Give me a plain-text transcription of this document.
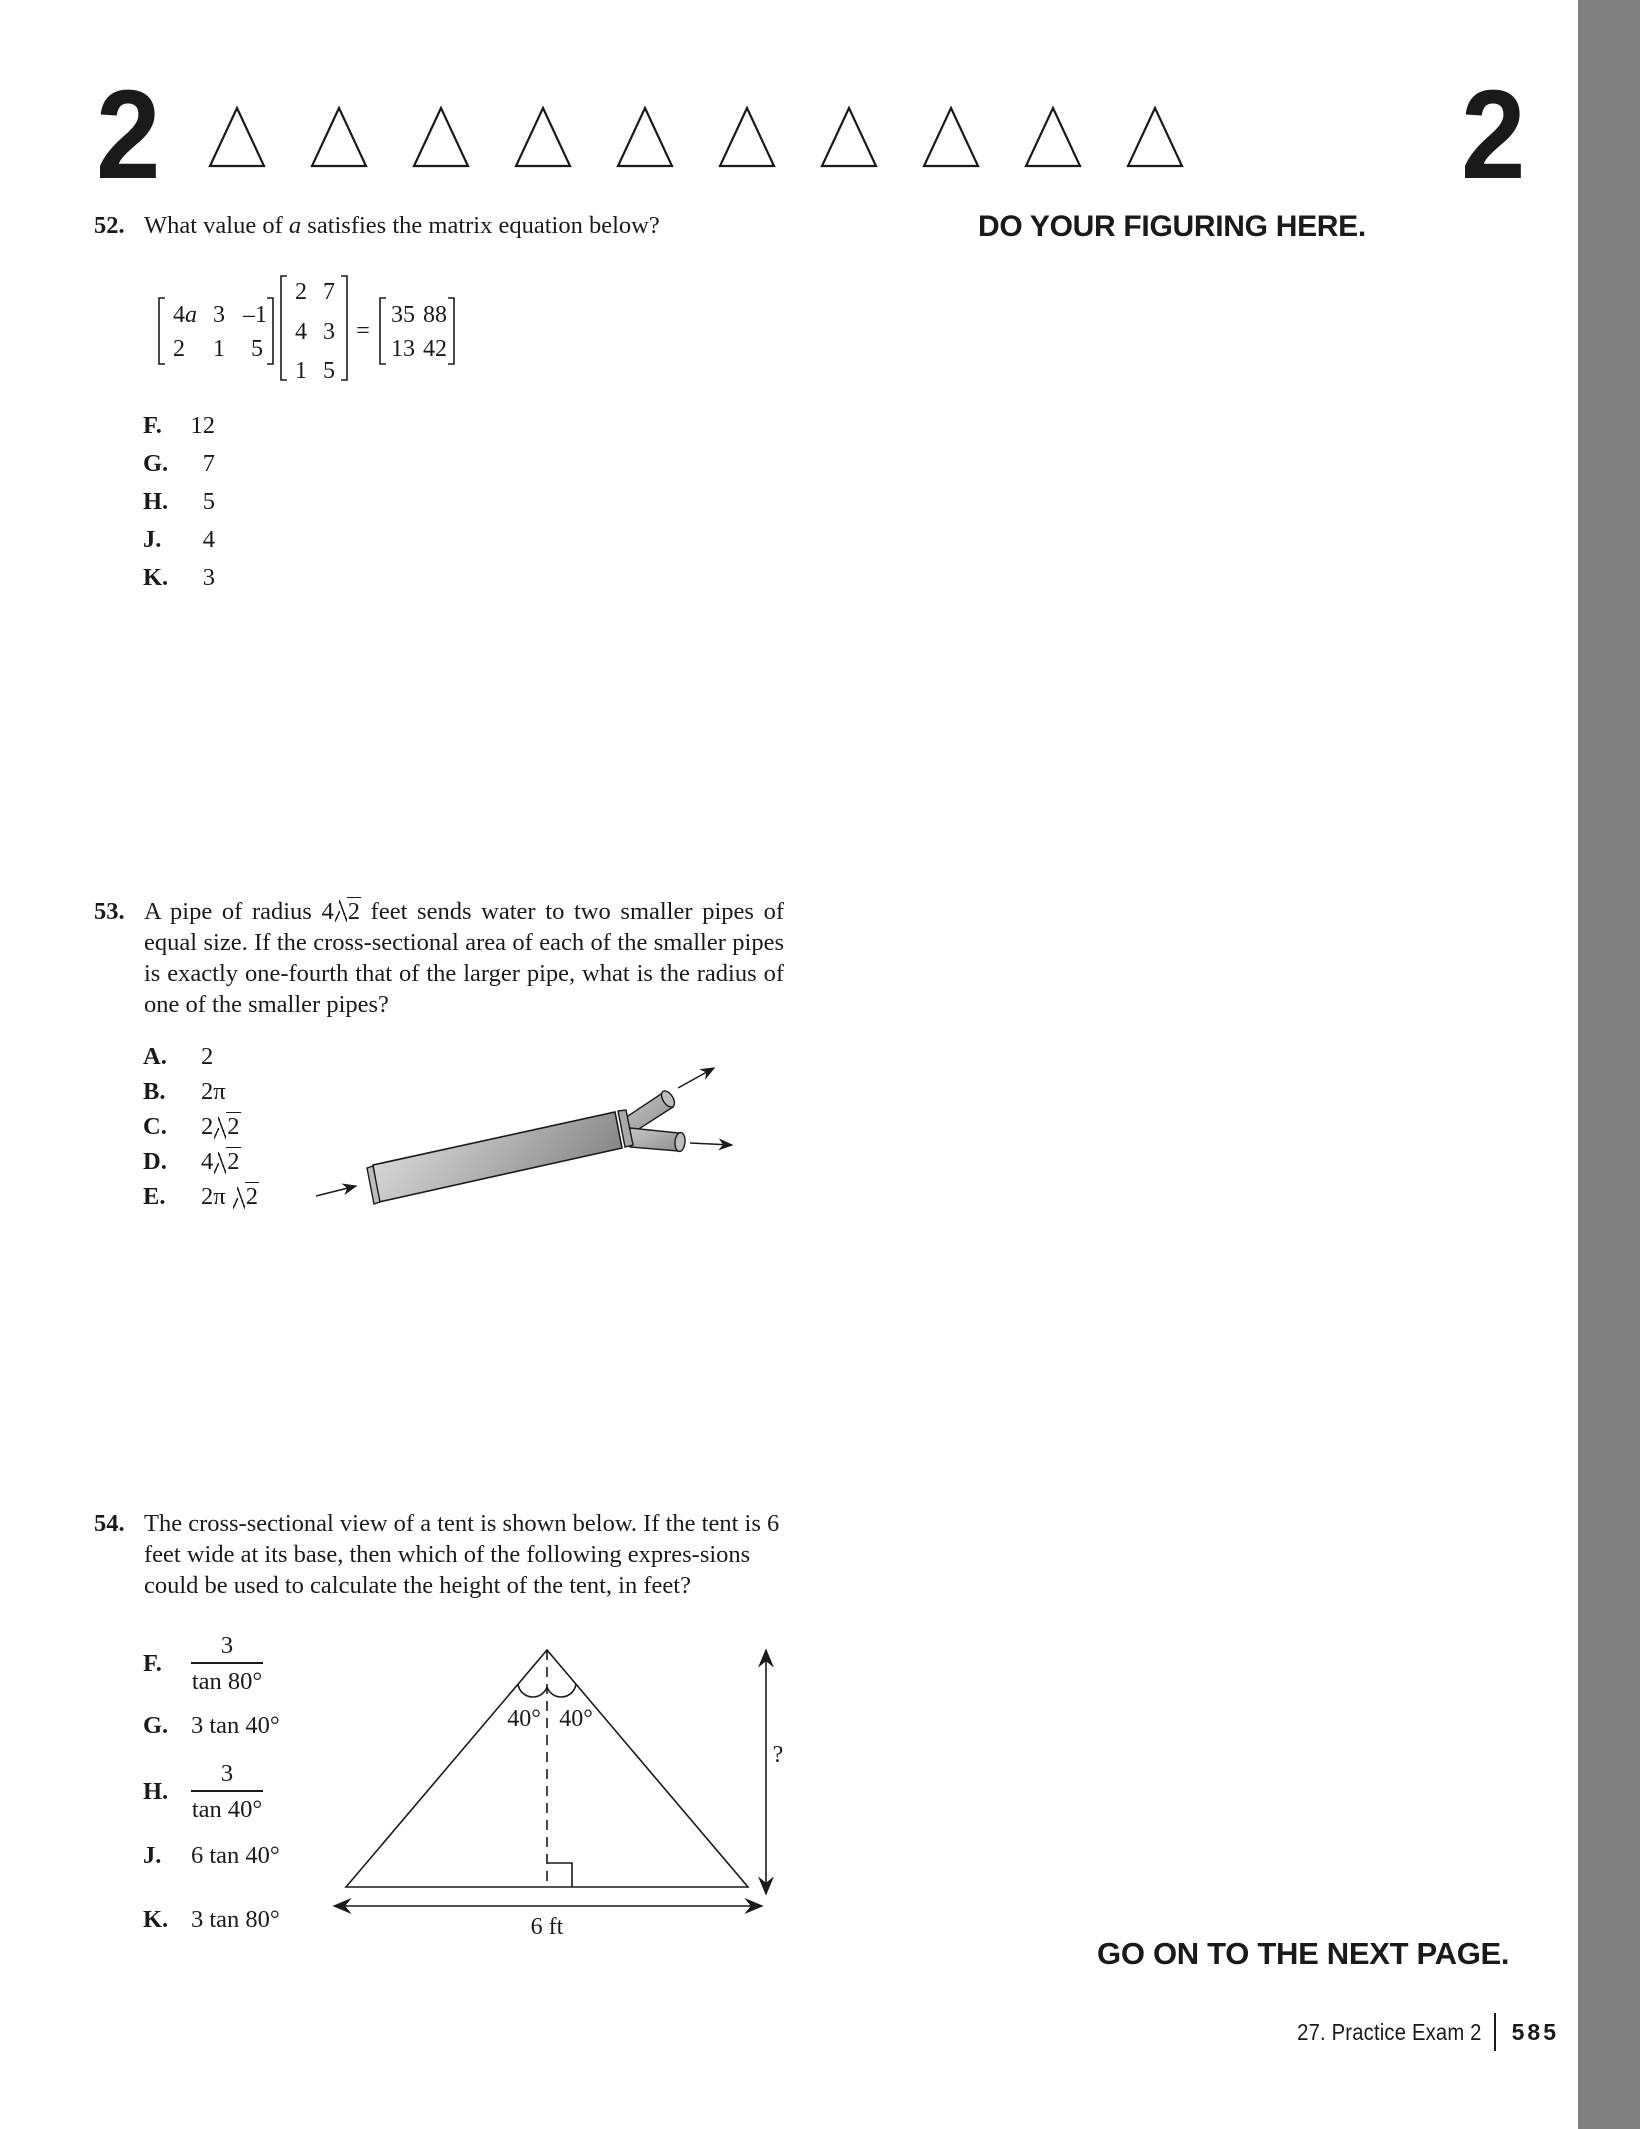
2	2
DO YOUR FIGURING HERE.
52. What value of a satisfies the matrix equation below?
4a 3 –1
2 1 5
2 7
4 3
1 5
=
35 88
13 42
F.	12
G.	7
H.	5
J.	4
K.	3
53. A pipe of radius 4 2 feet sends water to two smaller pipes of equal size. If the cross-sectional area of each of the smaller pipes is exactly one-fourth that of the larger pipe, what is the radius of one of the smaller pipes?
A. 2
B. 2π
C. 2 2
D. 4 2
E. 2π 2
54. The cross-sectional view of a tent is shown below. If the tent is 6 feet wide at its base, then which of the following expres-sions could be used to calculate the height of the tent, in feet?
F. $\frac{3}{\tan 80^\circ}$
G. 3 tan 40°
H. $\frac{3}{\tan 40^\circ}$
J. 6 tan 40°
K. 3 tan 80°
40° 40°
?
6 ft
GO ON TO THE NEXT PAGE.
27. Practice Exam 2 585
